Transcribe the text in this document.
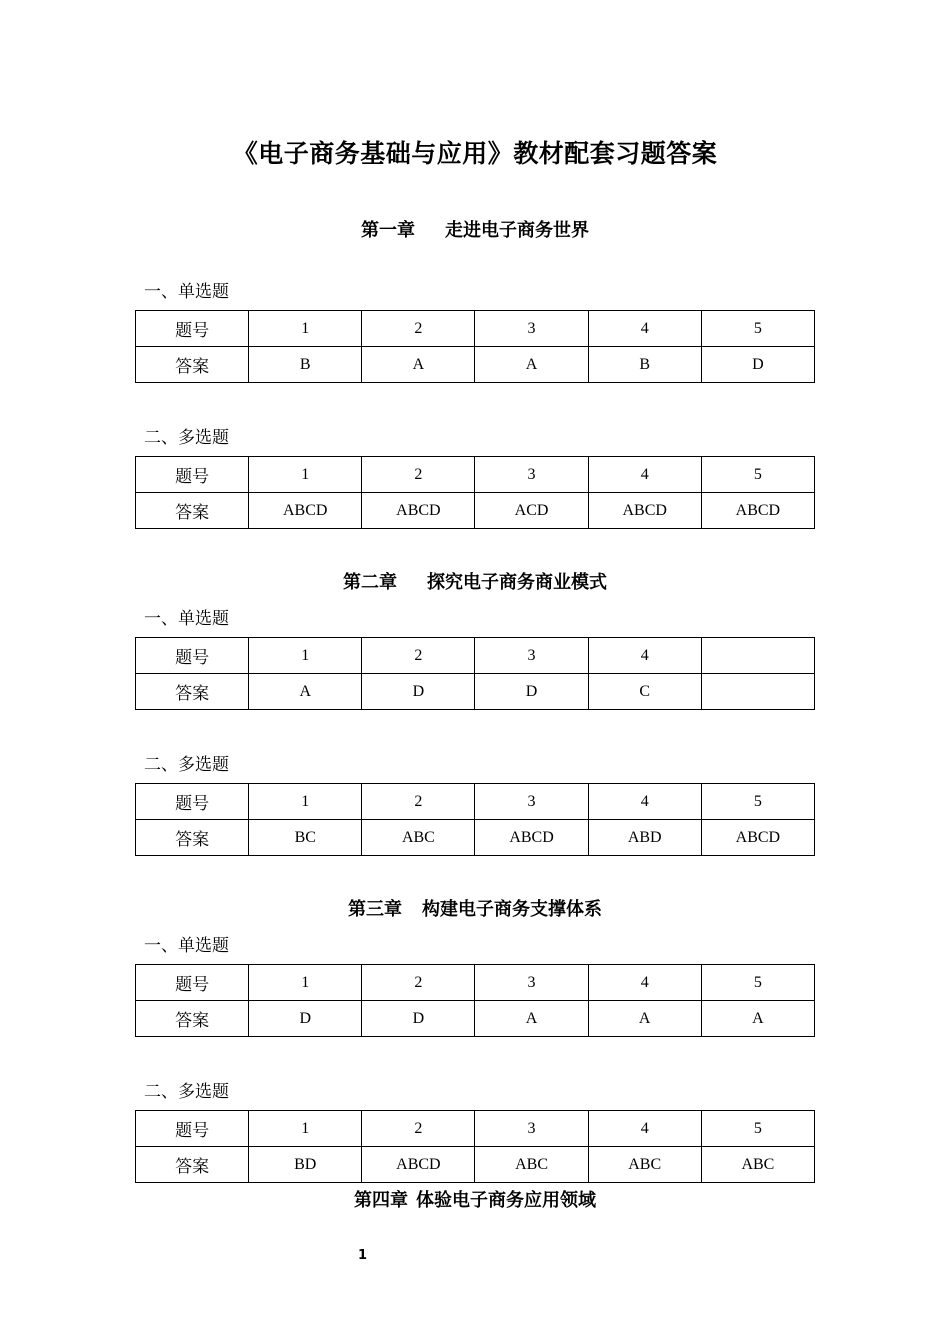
《电子商务基础与应用》教材配套习题答案
第一章 走进电子商务世界
一、单选题
题号	1	2	3	4	5
答案	B	A	A	B	D
二、多选题
题号	1	2	3	4	5
答案	ABCD	ABCD	ACD	ABCD	ABCD
第二章 探究电子商务商业模式
一、单选题
题号	1	2	3	4	
答案	A	D	D	C	
二、多选题
题号	1	2	3	4	5
答案	BC	ABC	ABCD	ABD	ABCD
第三章 构建电子商务支撑体系
一、单选题
题号	1	2	3	4	5
答案	D	D	A	A	A
二、多选题
题号	1	2	3	4	5
答案	BD	ABCD	ABC	ABC	ABC
第四章 体验电子商务应用领域
1
